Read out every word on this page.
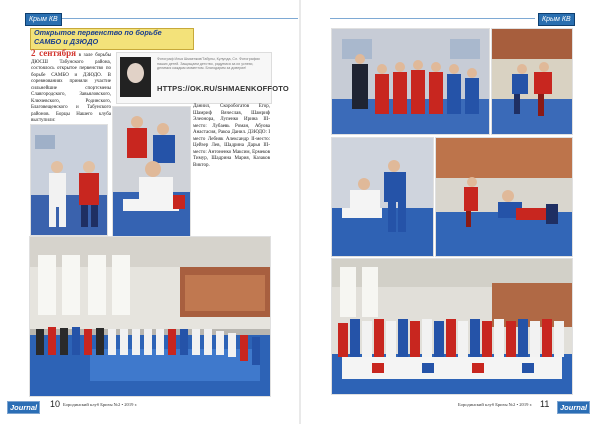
Крым КВ	Крым КВ
Открытое первенство по борьбе САМБО и ДЗЮДО
2 сентября в зале борьбы ДЮСШ Табунского района, состоялось открытое первенство по борьбе САМБО и ДЗЮДО. В соревнованиях приняли участие сильнейшие спортсмены Славгородского, Завьяловского, Ключевского, Родинского, Благовещенского и Табунского районов. Борцы Нашего клуба выступили:
Фотограф Илья Шмаенков/Табуны, Кулунда, Сл. Фотографии наших детей. Защищаем детство, радуемся за их успехи, делимся каждым моментом. Благодарим за доверие!
HTTPS://OK.RU/SHMAENKOFFOTO
Даниил, Скоробогатов Егор, Шамриф Вячеслав, Шамриф Элеонора, Лупенко Ирина III-место: Лубаевь Роман, Абуова Анастасия, Ракоа Данил. ДЗЮДО: I место Лебняк Александр II-место: Цейзер Лев, Шадрина Дарья III-место: Антоненко Максим, Ермеков Тимур, Шадрина Мария, Казаков Виктор.
Journal	10 Бородинский клуб Бризы №2 • 2019 г.	Бородинский клуб Бризы №2 • 2019 г. 11	Journal
